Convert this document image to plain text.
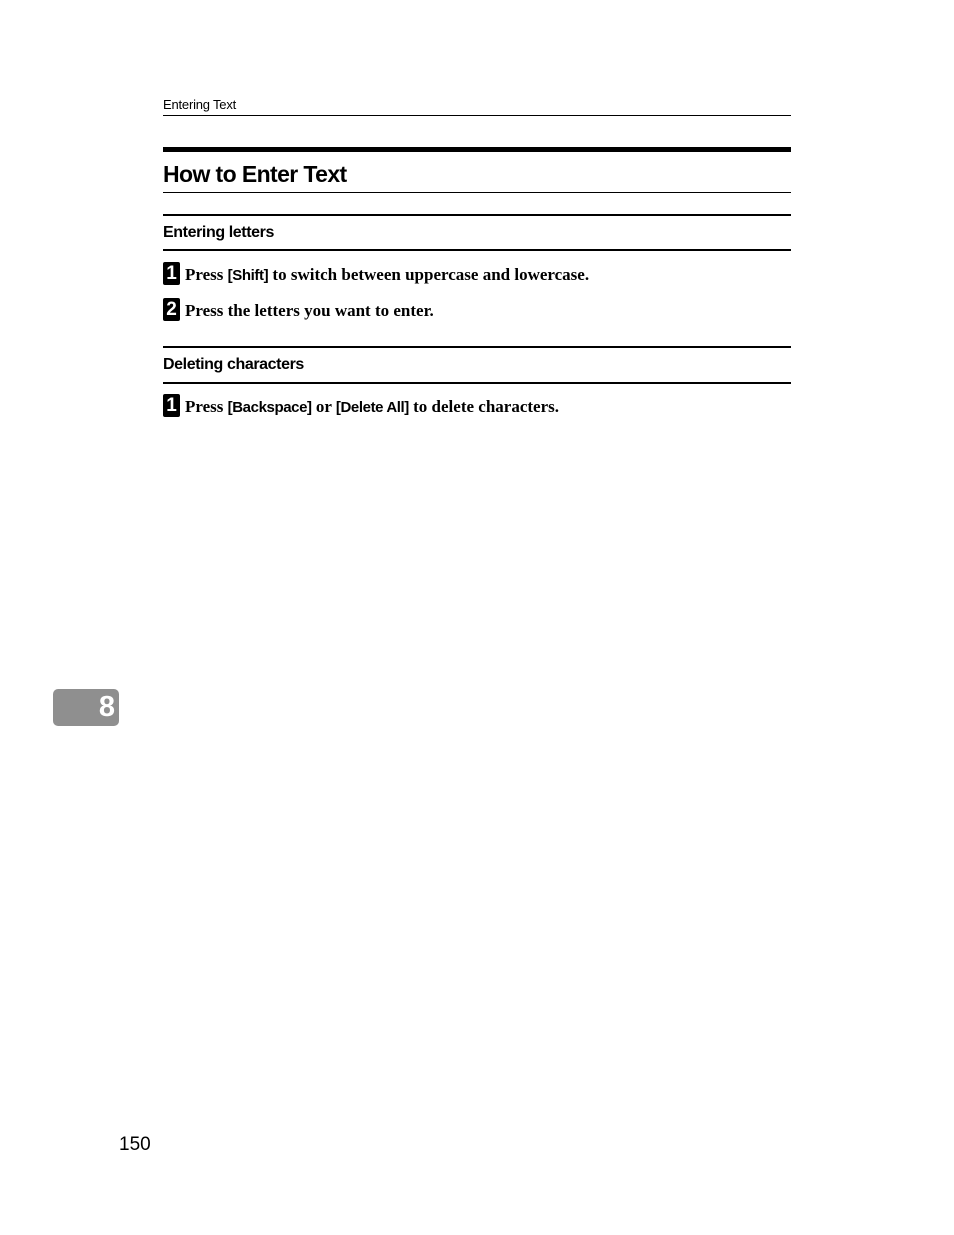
Entering Text
How to Enter Text
Entering letters
1 Press [Shift] to switch between uppercase and lowercase.
2 Press the letters you want to enter.
Deleting characters
1 Press [Backspace] or [Delete All] to delete characters.
8
150
